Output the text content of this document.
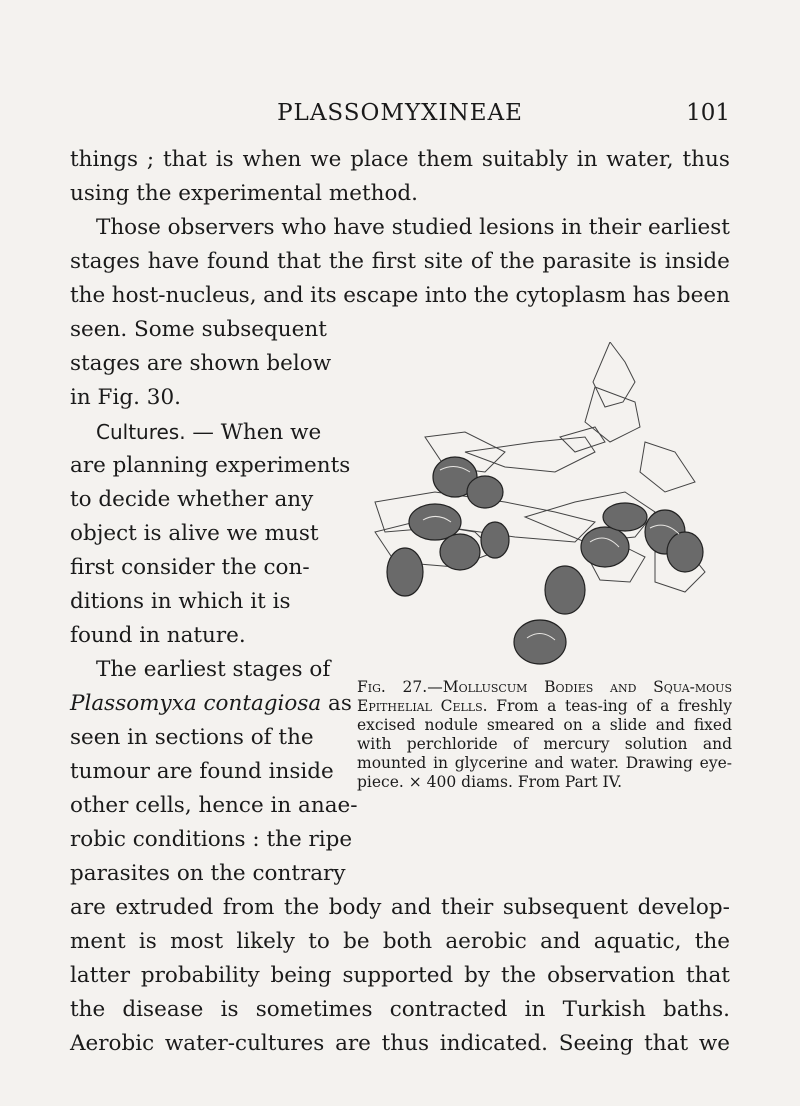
PLASSOMYXINEAE	101
things ; that is when we place them suitably in water, thus
using the experimental method.
Those observers who have studied lesions in their earliest
stages have found that the first site of the parasite is inside
the host-nucleus, and its escape into the cytoplasm has been
seen. Some subsequent
stages are shown below
in Fig. 30.
Cultures. — When we
are planning experiments
to decide whether any
object is alive we must
first consider the con-
ditions in which it is
found in nature.
The earliest stages of
Plassomyxa contagiosa as
seen in sections of the
tumour are found inside
other cells, hence in anae-
robic conditions : the ripe
parasites on the contrary
are extruded from the body and their subsequent develop-
ment is most likely to be both aerobic and aquatic, the
latter probability being supported by the observation that
the disease is sometimes contracted in Turkish baths.
Aerobic water-cultures are thus indicated. Seeing that we
Fig. 27.—Molluscum Bodies and Squa-mous Epithelial Cells. From a teas-ing of a freshly excised nodule smeared on a slide and fixed with perchloride of mercury solution and mounted in glycerine and water. Drawing eye-piece. × 400 diams. From Part IV.
